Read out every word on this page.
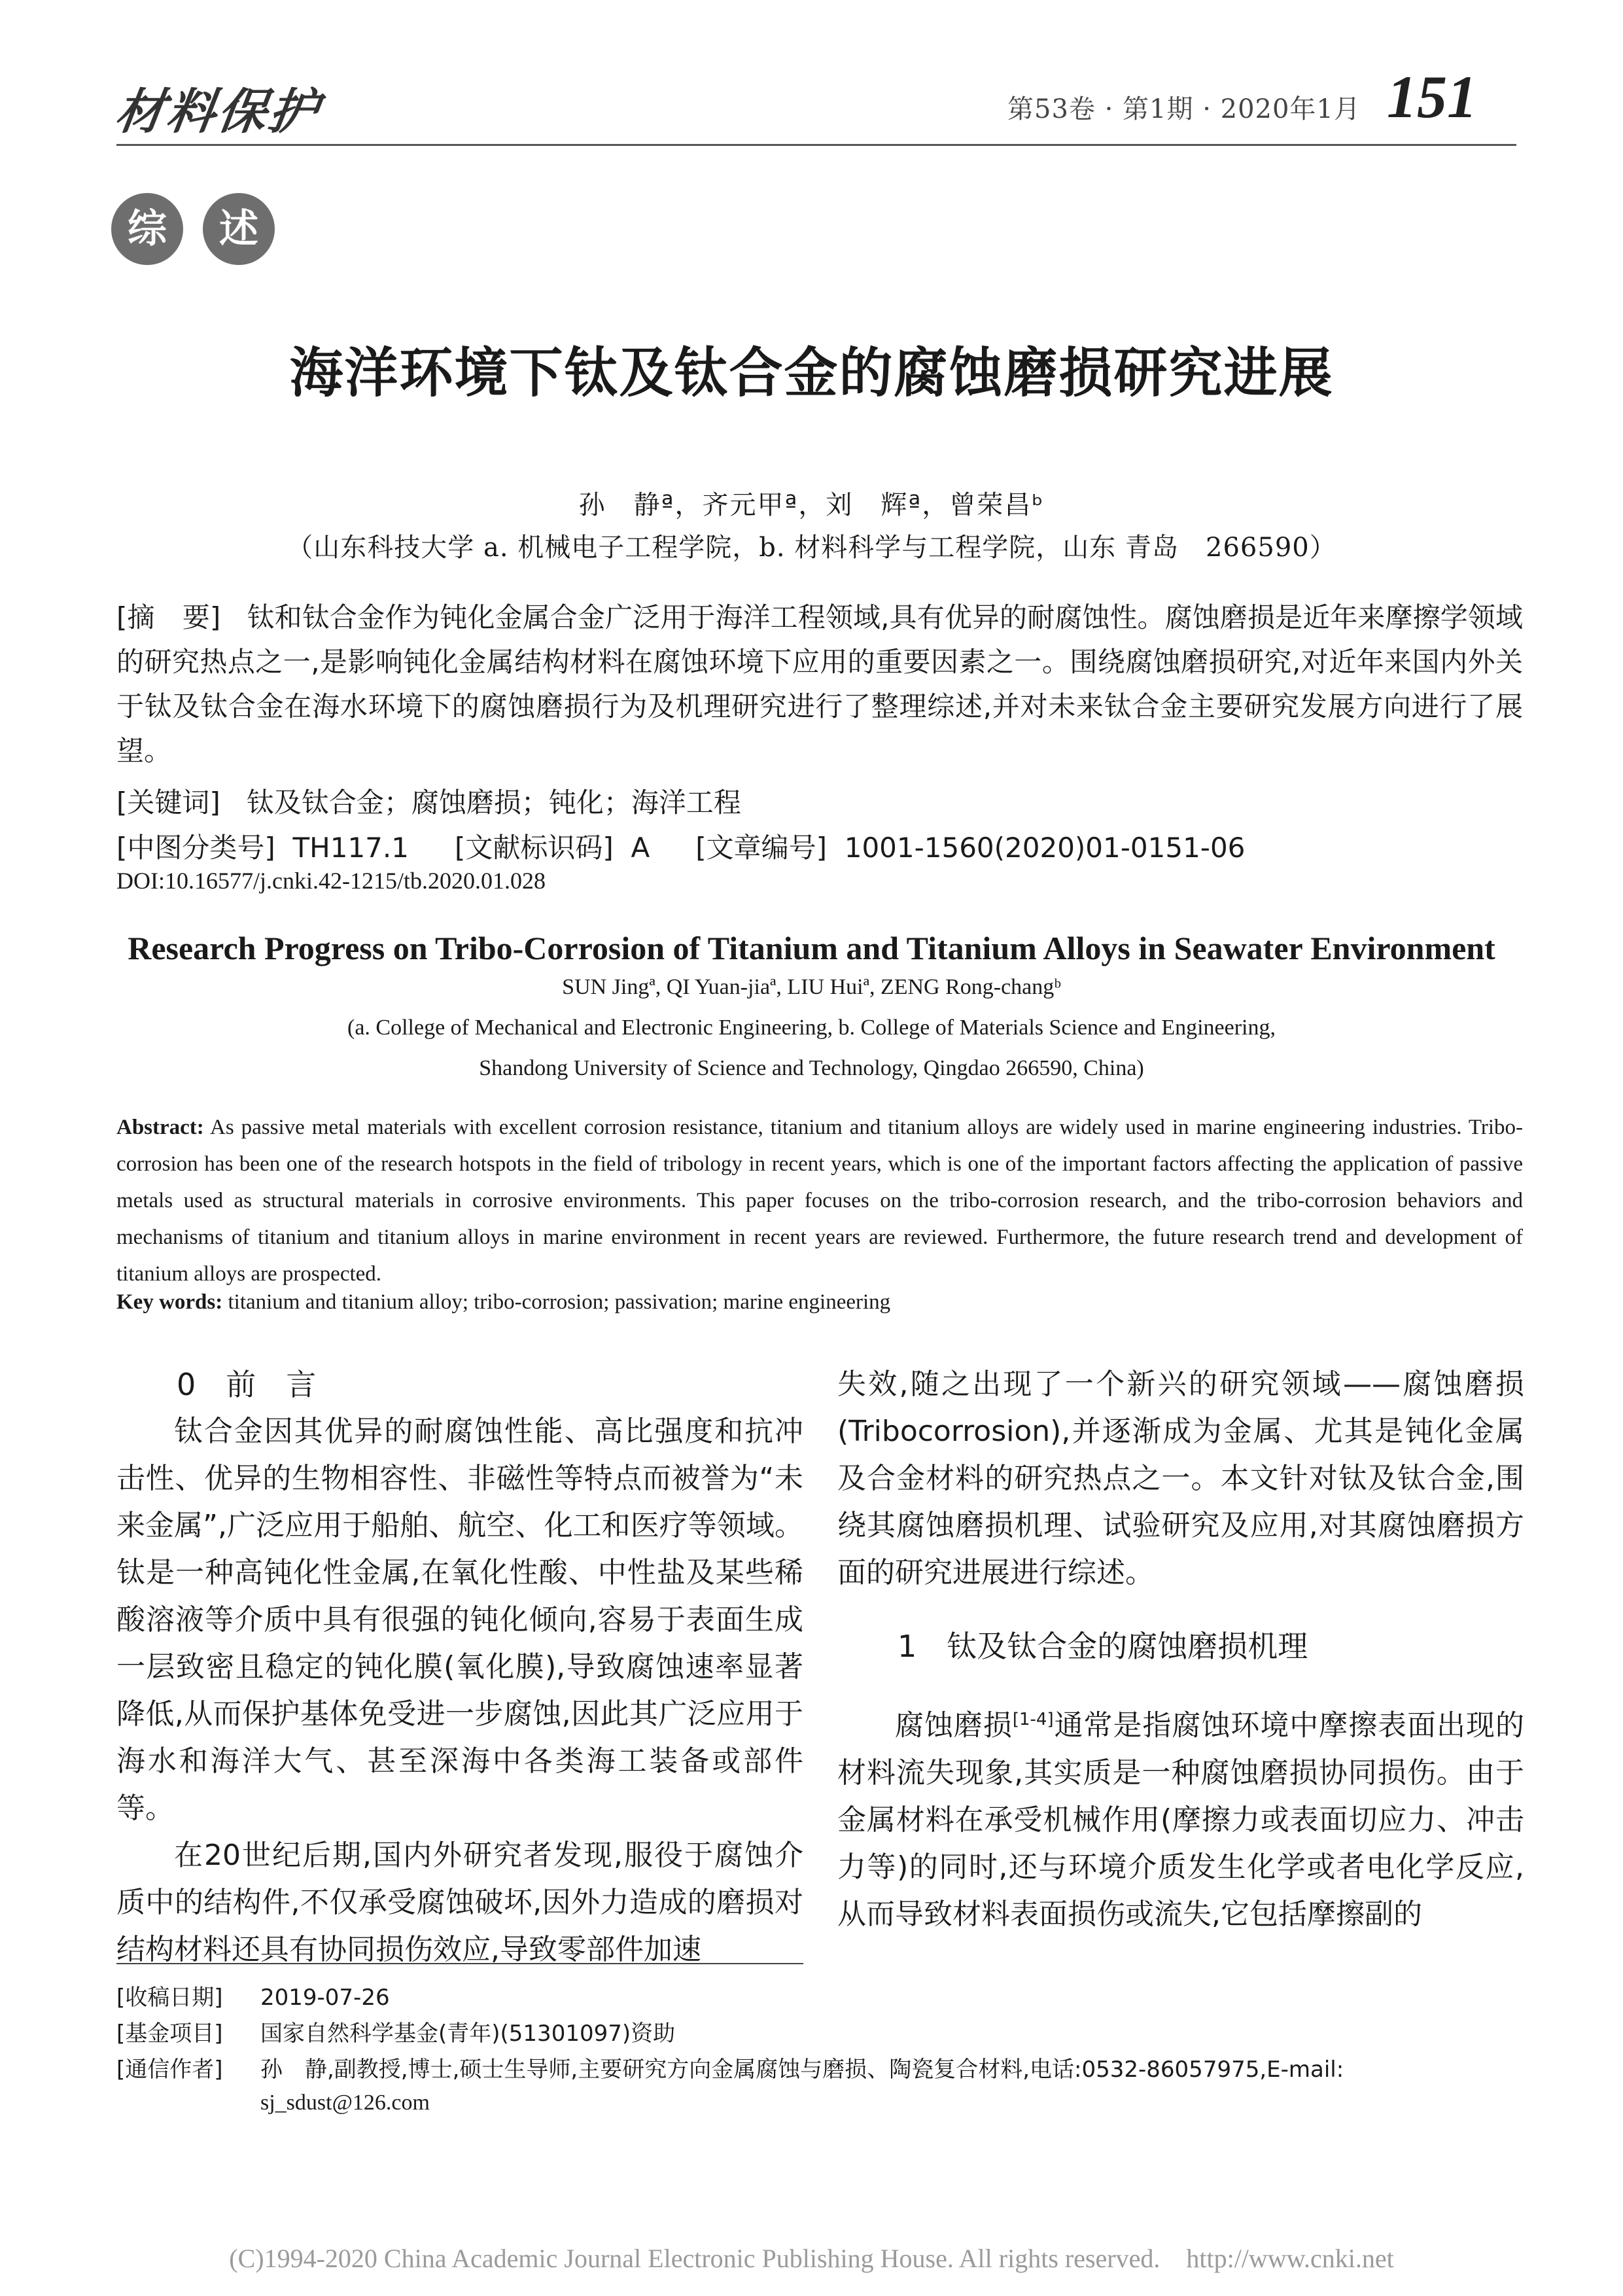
材料保护	第53卷 · 第1期 · 2020年1月 151
综	述
海洋环境下钛及钛合金的腐蚀磨损研究进展
孙　静ª，齐元甲ª，刘　辉ª，曾荣昌ᵇ
（山东科技大学 a. 机械电子工程学院，b. 材料科学与工程学院，山东 青岛　266590）
[ 摘　要 ] 钛和钛合金作为钝化金属合金广泛用于海洋工程领域,具有优异的耐腐蚀性。腐蚀磨损是近年来摩擦学领域的研究热点之一,是影响钝化金属结构材料在腐蚀环境下应用的重要因素之一。围绕腐蚀磨损研究,对近年来国内外关于钛及钛合金在海水环境下的腐蚀磨损行为及机理研究进行了整理综述,并对未来钛合金主要研究发展方向进行了展望。
[ 关键词 ] 钛及钛合金；腐蚀磨损；钝化；海洋工程
[ 中图分类号 ] TH117.1 [ 文献标识码 ] A [ 文章编号 ] 1001-1560(2020)01-0151-06
DOI:10.16577/j.cnki.42-1215/tb.2020.01.028
Research Progress on Tribo-Corrosion of Titanium and Titanium Alloys in Seawater Environment
SUN Jingª, QI Yuan-jiaª, LIU Huiª, ZENG Rong-changᵇ
(a. College of Mechanical and Electronic Engineering, b. College of Materials Science and Engineering,
Shandong University of Science and Technology, Qingdao 266590, China)
Abstract: As passive metal materials with excellent corrosion resistance, titanium and titanium alloys are widely used in marine engineering industries. Tribo-corrosion has been one of the research hotspots in the field of tribology in recent years, which is one of the important factors affecting the application of passive metals used as structural materials in corrosive environments. This paper focuses on the tribo-corrosion research, and the tribo-corrosion behaviors and mechanisms of titanium and titanium alloys in marine environment in recent years are reviewed. Furthermore, the future research trend and development of titanium alloys are prospected.
Key words: titanium and titanium alloy; tribo-corrosion; passivation; marine engineering

0　前　言

钛合金因其优异的耐腐蚀性能、高比强度和抗冲击性、优异的生物相容性、非磁性等特点而被誉为“未来金属”,广泛应用于船舶、航空、化工和医疗等领域。钛是一种高钝化性金属,在氧化性酸、中性盐及某些稀酸溶液等介质中具有很强的钝化倾向,容易于表面生成一层致密且稳定的钝化膜(氧化膜),导致腐蚀速率显著降低,从而保护基体免受进一步腐蚀,因此其广泛应用于海水和海洋大气、甚至深海中各类海工装备或部件等。

在20世纪后期,国内外研究者发现,服役于腐蚀介质中的结构件,不仅承受腐蚀破坏,因外力造成的磨损对结构材料还具有协同损伤效应,导致零部件加速

失效,随之出现了一个新兴的研究领域——腐蚀磨损(Tribocorrosion),并逐渐成为金属、尤其是钝化金属及合金材料的研究热点之一。本文针对钛及钛合金,围绕其腐蚀磨损机理、试验研究及应用,对其腐蚀磨损方面的研究进展进行综述。

1　钛及钛合金的腐蚀磨损机理

腐蚀磨损[1-4]通常是指腐蚀环境中摩擦表面出现的材料流失现象,其实质是一种腐蚀磨损协同损伤。由于金属材料在承受机械作用(摩擦力或表面切应力、冲击力等)的同时,还与环境介质发生化学或者电化学反应,从而导致材料表面损伤或流失,它包括摩擦副的

[ 收稿日期 ] 2019-07-26
[ 基金项目 ] 国家自然科学基金(青年)(51301097)资助
[ 通信作者 ] 孙　静,副教授,博士,硕士生导师,主要研究方向金属腐蚀与磨损、陶瓷复合材料,电话:0532-86057975,E-mail:
sj_sdust@126.com
(C)1994-2020 China Academic Journal Electronic Publishing House. All rights reserved.　http://www.cnki.net
